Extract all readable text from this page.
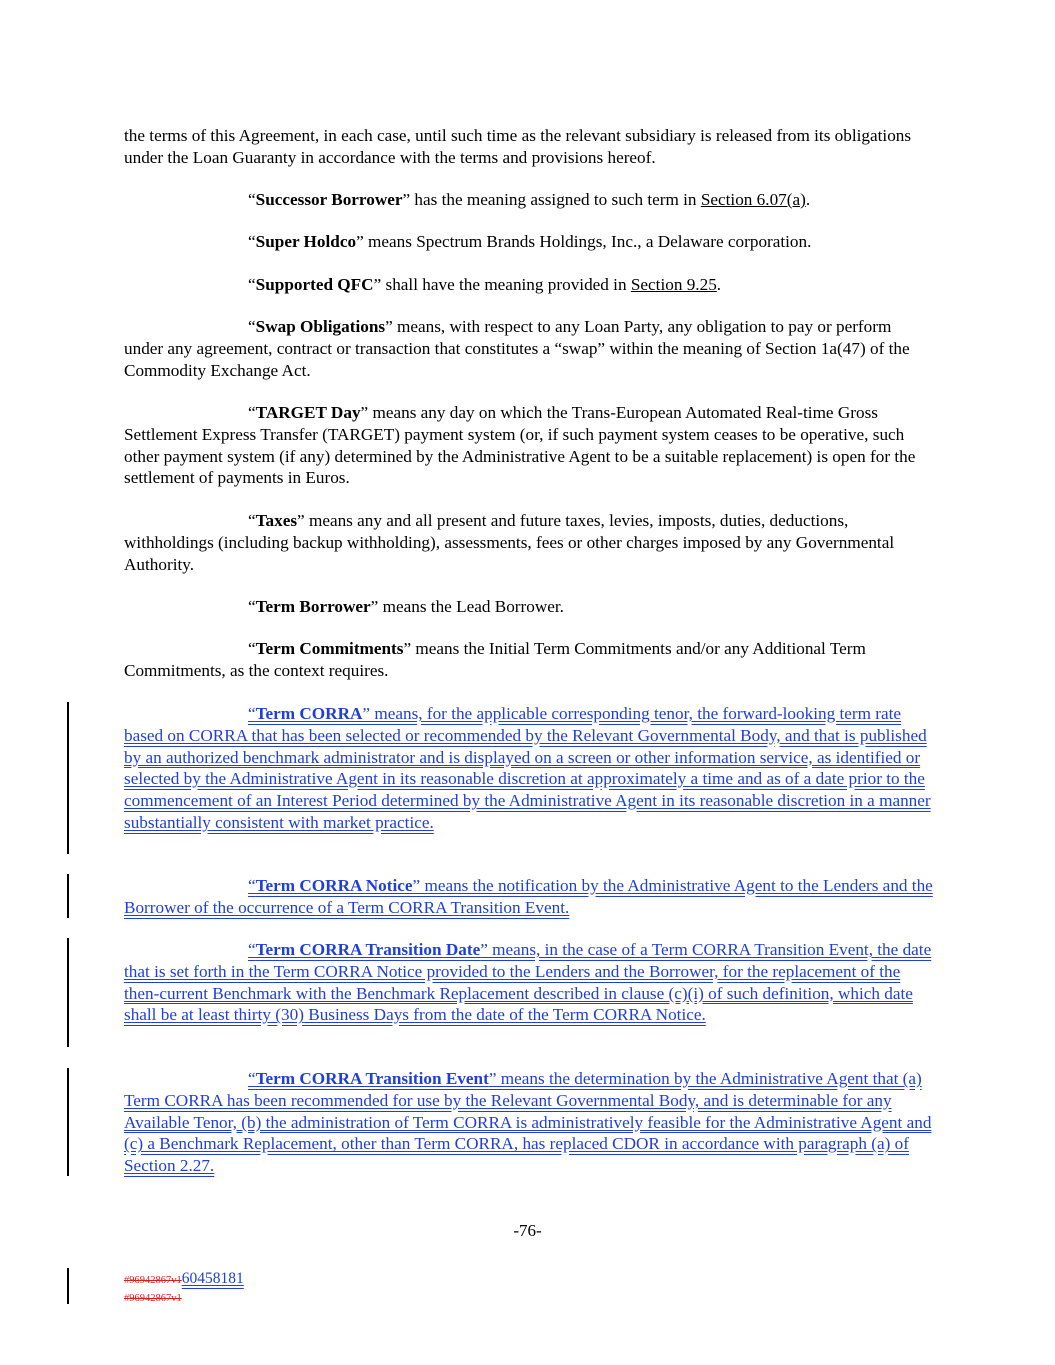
the terms of this Agreement, in each case, until such time as the relevant subsidiary is released from its obligations under the Loan Guaranty in accordance with the terms and provisions hereof.

“Successor Borrower” has the meaning assigned to such term in Section 6.07(a).

“Super Holdco” means Spectrum Brands Holdings, Inc., a Delaware corporation.

“Supported QFC” shall have the meaning provided in Section 9.25.

“Swap Obligations” means, with respect to any Loan Party, any obligation to pay or perform under any agreement, contract or transaction that constitutes a “swap” within the meaning of Section 1a(47) of the Commodity Exchange Act.

“TARGET Day” means any day on which the Trans-European Automated Real-time Gross Settlement Express Transfer (TARGET) payment system (or, if such payment system ceases to be operative, such other payment system (if any) determined by the Administrative Agent to be a suitable replacement) is open for the settlement of payments in Euros.

“Taxes” means any and all present and future taxes, levies, imposts, duties, deductions, withholdings (including backup withholding), assessments, fees or other charges imposed by any Governmental Authority.

“Term Borrower” means the Lead Borrower.

“Term Commitments” means the Initial Term Commitments and/or any Additional Term Commitments, as the context requires.

“Term CORRA” means, for the applicable corresponding tenor, the forward-looking term rate based on CORRA that has been selected or recommended by the Relevant Governmental Body, and that is published by an authorized benchmark administrator and is displayed on a screen or other information service, as identified or selected by the Administrative Agent in its reasonable discretion at approximately a time and as of a date prior to the commencement of an Interest Period determined by the Administrative Agent in its reasonable discretion in a manner substantially consistent with market practice.

“Term CORRA Notice” means the notification by the Administrative Agent to the Lenders and the Borrower of the occurrence of a Term CORRA Transition Event.

“Term CORRA Transition Date” means, in the case of a Term CORRA Transition Event, the date that is set forth in the Term CORRA Notice provided to the Lenders and the Borrower, for the replacement of the then-current Benchmark with the Benchmark Replacement described in clause (c)(i) of such definition, which date shall be at least thirty (30) Business Days from the date of the Term CORRA Notice.

“Term CORRA Transition Event” means the determination by the Administrative Agent that (a) Term CORRA has been recommended for use by the Relevant Governmental Body, and is determinable for any Available Tenor, (b) the administration of Term CORRA is administratively feasible for the Administrative Agent and (c) a Benchmark Replacement, other than Term CORRA, has replaced CDOR in accordance with paragraph (a) of Section 2.27.

-76-
#96942867v160458181
#96942867v1
